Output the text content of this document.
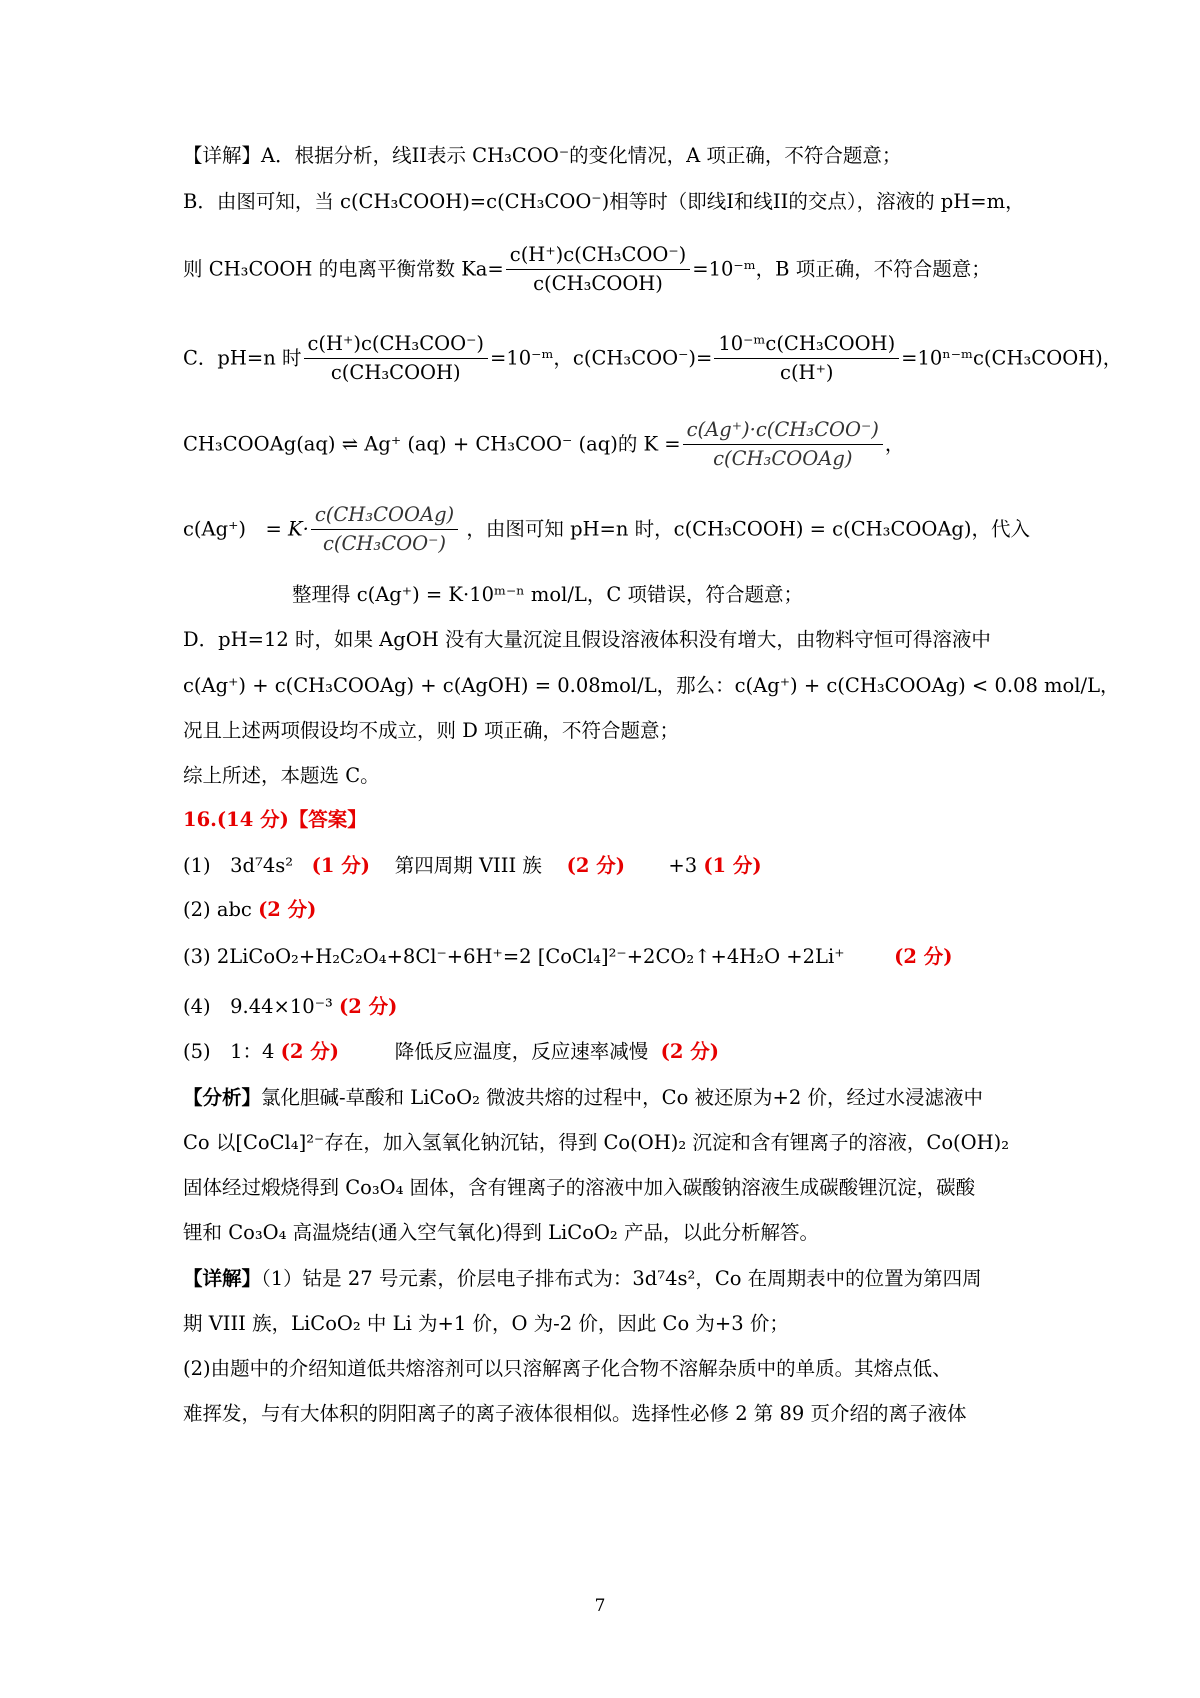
【详解】A．根据分析，线II表示 CH₃COO⁻的变化情况，A 项正确，不符合题意；
B．由图可知，当 c(CH₃COOH)=c(CH₃COO⁻)相等时（即线I和线II的交点），溶液的 pH=m，
则 CH₃COOH 的电离平衡常数 $Ka= \frac{\text{c(H⁺)c(CH₃COO⁻)}}{\text{c(CH₃COOH)}}$ =10⁻ᵐ，B 项正确，不符合题意；
C．pH=n 时 $\frac{\text{c(H⁺)c(CH₃COO⁻)}}{\text{c(CH₃COOH)}}$ =10⁻ᵐ，$c(CH_3COO^-)= \frac{\text{10⁻ᵐc(CH₃COOH)}}{c(H^+)}$ =10ⁿ⁻ᵐc(CH₃COOH)，
CH₃COOAg(aq) ⇌ Ag⁺ (aq) + CH₃COO⁻ (aq)的 $K = \frac{\text{c(Ag⁺)·c(CH₃COO⁻)}}{\text{c(CH₃COOAg)}}$ ，
c(Ag⁺)　= $K\cdot \frac{\text{c(CH₃COOAg)}}{\text{c(CH₃COO⁻)}}$ ，由图可知 pH=n 时，c(CH₃COOH) = c(CH₃COOAg)，代入
整理得 c(Ag⁺) = K·10ᵐ⁻ⁿ mol/L，C 项错误，符合题意；
D．pH=12 时，如果 AgOH 没有大量沉淀且假设溶液体积没有增大，由物料守恒可得溶液中
c(Ag⁺) + c(CH₃COOAg) + c(AgOH) = 0.08mol/L，那么：c(Ag⁺) + c(CH₃COOAg) < 0.08 mol/L，
况且上述两项假设均不成立，则 D 项正确，不符合题意；
综上所述，本题选 C。
16.(14 分)【答案】
(1)　3d⁷4s² (1 分) 第四周期 VIII 族 (2 分) +3 (1 分)
(2) abc (2 分)
(3) 2LiCoO₂+H₂C₂O₄+8Cl⁻+6H⁺=2 [CoCl₄]²⁻+2CO₂↑+4H₂O +2Li⁺	(2 分)
(4)　9.44×10⁻³ (2 分)
(5)　1：4 (2 分)	降低反应温度，反应速率减慢 (2 分)
【分析】氯化胆碱-草酸和 LiCoO₂ 微波共熔的过程中，Co 被还原为+2 价，经过水浸滤液中
Co 以[CoCl₄]²⁻存在，加入氢氧化钠沉钴，得到 Co(OH)₂ 沉淀和含有锂离子的溶液，Co(OH)₂
固体经过煅烧得到 Co₃O₄ 固体，含有锂离子的溶液中加入碳酸钠溶液生成碳酸锂沉淀，碳酸
锂和 Co₃O₄ 高温烧结(通入空气氧化)得到 LiCoO₂ 产品，以此分析解答。
【详解】（1）钴是 27 号元素，价层电子排布式为：3d⁷4s²，Co 在周期表中的位置为第四周
期 VIII 族，LiCoO₂ 中 Li 为+1 价，O 为-2 价，因此 Co 为+3 价；
(2)由题中的介绍知道低共熔溶剂可以只溶解离子化合物不溶解杂质中的单质。其熔点低、
难挥发，与有大体积的阴阳离子的离子液体很相似。选择性必修 2 第 89 页介绍的离子液体
7
